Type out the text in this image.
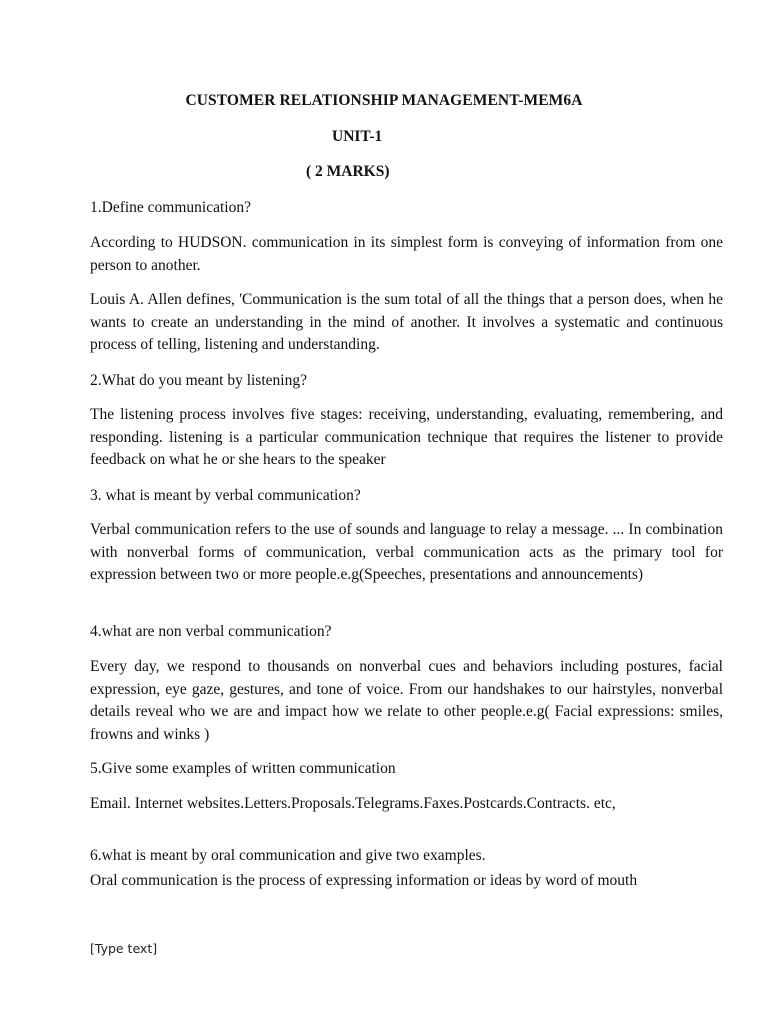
CUSTOMER RELATIONSHIP MANAGEMENT-MEM6A
UNIT-1
( 2 MARKS)
1.Define communication?
According to HUDSON. communication in its simplest form is conveying of information from one person to another.
Louis A. Allen defines, 'Communication is the sum total of all the things that a person does, when he wants to create an understanding in the mind of another. It involves a systematic and continuous process of telling, listening and understanding.
2.What do you meant by listening?
The listening process involves five stages: receiving, understanding, evaluating, remembering, and responding. listening is a particular communication technique that requires the listener to provide feedback on what he or she hears to the speaker
3. what is meant by verbal communication?
Verbal communication refers to the use of sounds and language to relay a message. ... In combination with nonverbal forms of communication, verbal communication acts as the primary tool for expression between two or more people.e.g(Speeches, presentations and announcements)
4.what are non verbal communication?
Every day, we respond to thousands on nonverbal cues and behaviors including postures, facial expression, eye gaze, gestures, and tone of voice. From our handshakes to our hairstyles, nonverbal details reveal who we are and impact how we relate to other people.e.g( Facial expressions: smiles, frowns and winks )
5.Give some examples of written communication
Email. Internet websites.Letters.Proposals.Telegrams.Faxes.Postcards.Contracts. etc,
6.what is meant by oral communication and give two examples.
Oral communication is the process of expressing information or ideas by word of mouth
[Type text]
